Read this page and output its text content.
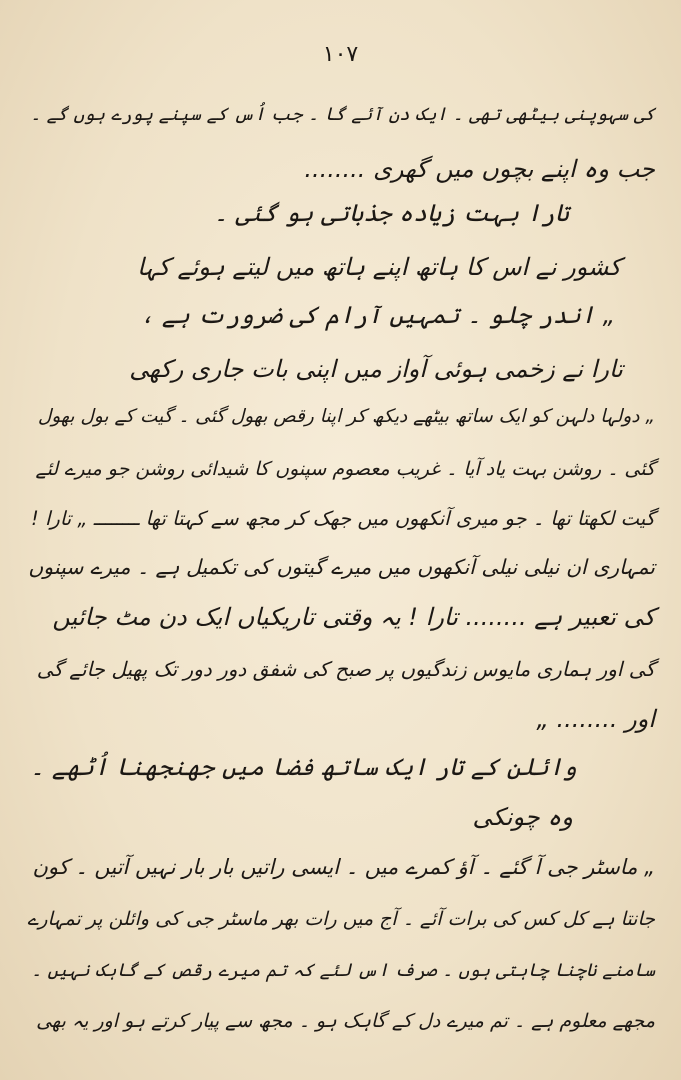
۱۰۷
کی سہوپنی بیٹھی تھی ۔ ایک دن آئے گا ۔ جب اُس کے سپنے پورے ہوں گے ۔
جب وہ اپنے بچوں میں گھری ........
تارا بہت زیادہ جذباتی ہو گئی ۔
کشور نے اس کا ہاتھ اپنے ہاتھ میں لیتے ہوئے کہا
„ اندر چلو ۔ تمہیں آرام کی ضرورت ہے ،
تارا نے زخمی ہوئی آواز میں اپنی بات جاری رکھی
„ دولہا دلہن کو ایک ساتھ بیٹھے دیکھ کر اپنا رقص بھول گئی ۔ گیت کے بول بھول
گئی ۔ روشن بہت یاد آیا ۔ غریب معصوم سپنوں کا شیدائی روشن جو میرے لئے
گیت لکھتا تھا ۔ جو میری آنکھوں میں جھک کر مجھ سے کہتا تھا ــــــــ „ تارا !
تمہاری ان نیلی نیلی آنکھوں میں میرے گیتوں کی تکمیل ہے ۔ میرے سپنوں
کی تعبیر ہے ........ تارا ! یہ وقتی تاریکیاں ایک دن مٹ جائیں
گی اور ہماری مایوس زندگیوں پر صبح کی شفق دور دور تک پھیل جائے گی
اور ........ „
وائلن کے تار ایک ساتھ فضا میں جھنجھنا اُٹھے ۔
وہ چونکی
„ ماسٹر جی آ گئے ۔ آؤ کمرے میں ۔ ایسی راتیں بار بار نہیں آتیں ۔ کون
جانتا ہے کل کس کی برات آئے ۔ آج میں رات بھر ماسٹر جی کی وائلن پر تمہارے
سامنے ناچنا چاہتی ہوں ۔ صرف اس لئے کہ تم میرے رقص کے گاہک نہیں ۔
مجھے معلوم ہے ۔ تم میرے دل کے گاہک ہو ۔ مجھ سے پیار کرتے ہو اور یہ بھی
